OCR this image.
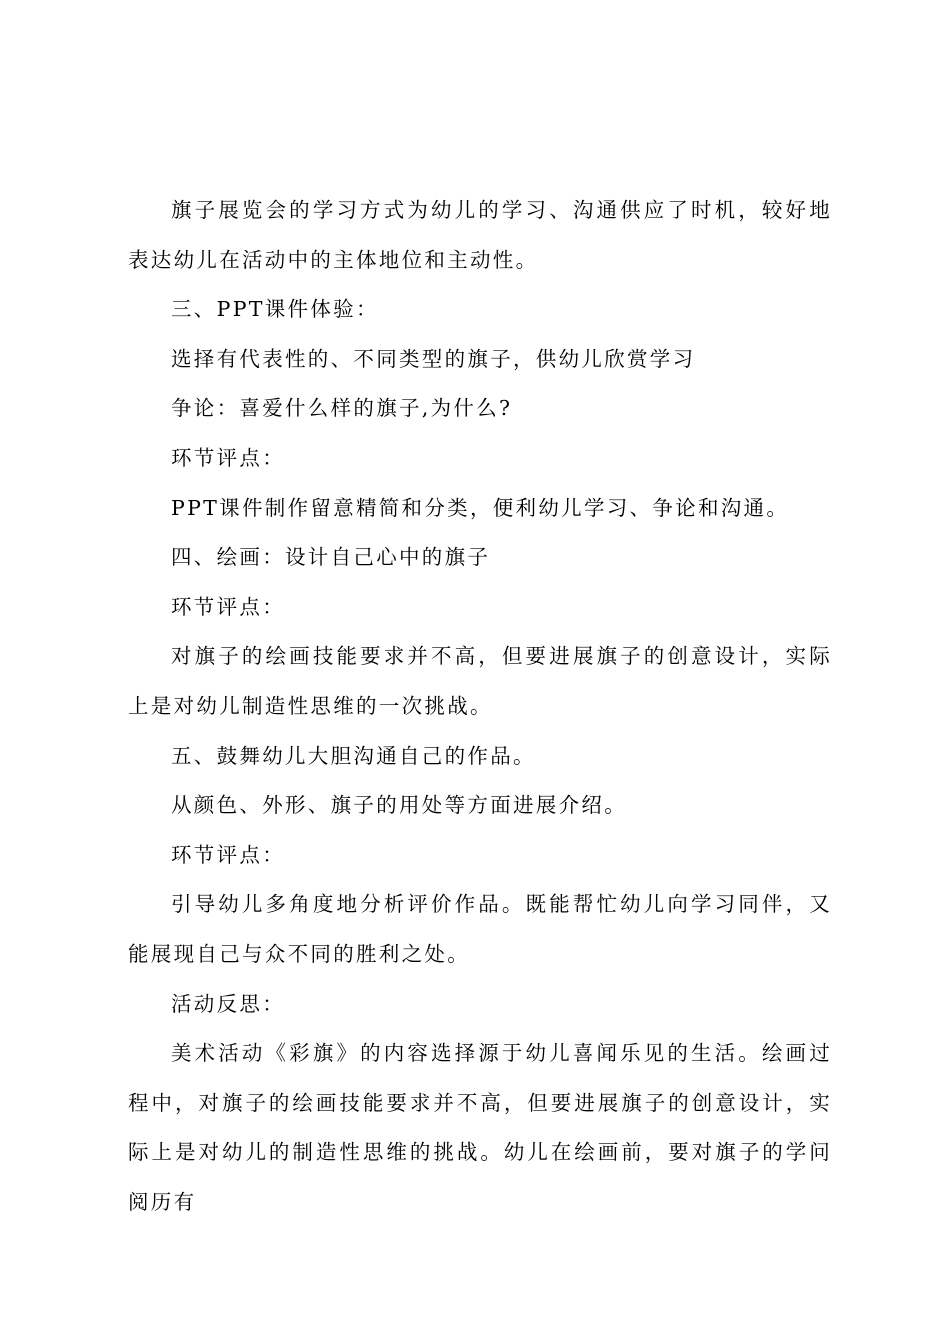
旗子展览会的学习方式为幼儿的学习、沟通供应了时机，较好地表达幼儿在活动中的主体地位和主动性。

三、PPT课件体验：

选择有代表性的、不同类型的旗子，供幼儿欣赏学习

争论：喜爱什么样的旗子,为什么?

环节评点：

PPT课件制作留意精简和分类，便利幼儿学习、争论和沟通。

四、绘画：设计自己心中的旗子

环节评点：

对旗子的绘画技能要求并不高，但要进展旗子的创意设计，实际上是对幼儿制造性思维的一次挑战。

五、鼓舞幼儿大胆沟通自己的作品。

从颜色、外形、旗子的用处等方面进展介绍。

环节评点：

引导幼儿多角度地分析评价作品。既能帮忙幼儿向学习同伴，又能展现自己与众不同的胜利之处。

活动反思：

美术活动《彩旗》的内容选择源于幼儿喜闻乐见的生活。绘画过程中，对旗子的绘画技能要求并不高，但要进展旗子的创意设计，实际上是对幼儿的制造性思维的挑战。幼儿在绘画前，要对旗子的学问阅历有
